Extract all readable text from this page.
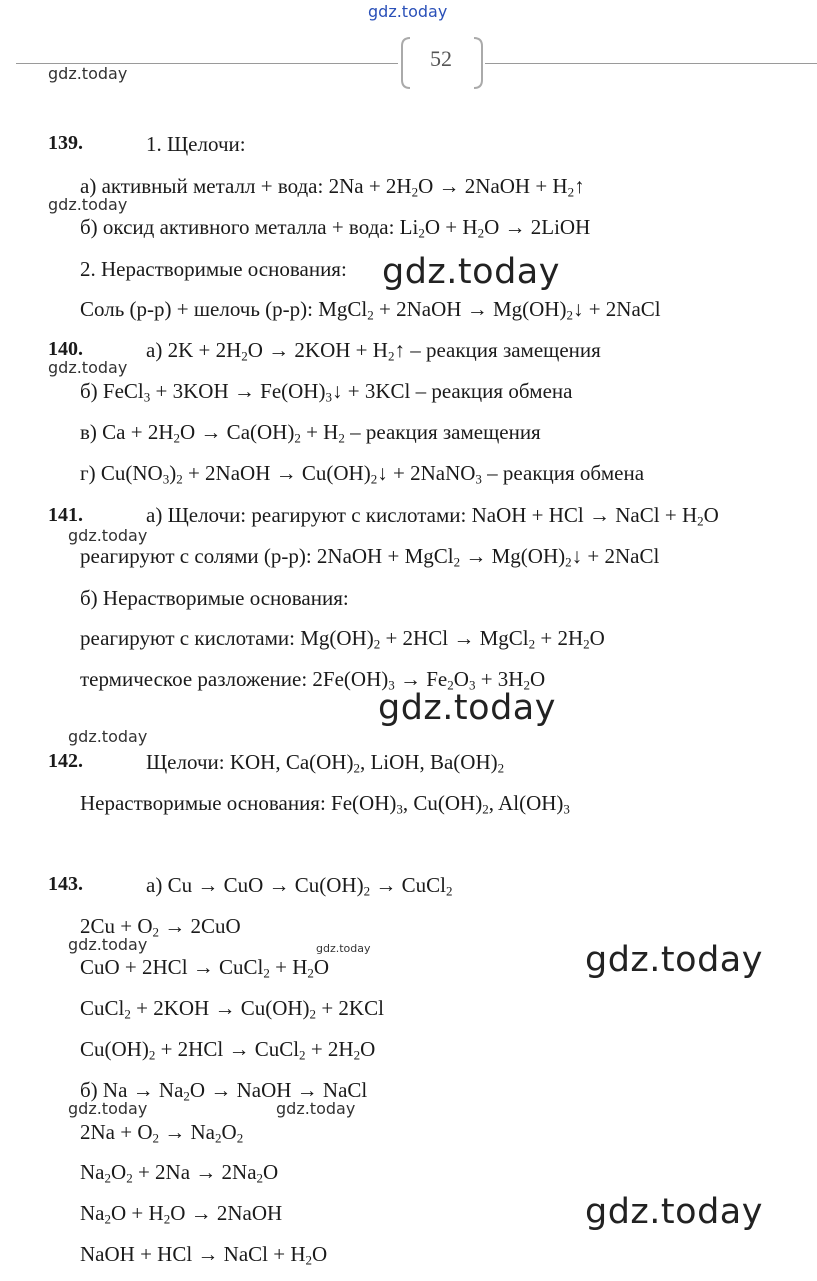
gdz.today
52
gdz.today
139.	1. Щелочи:
а) активный металл + вода: $2Na + 2H_2O$ → 2NaOH + $H_2↑$
gdz.today
б) оксид активного металла + вода: $Li_2O + H_2O$ → 2LiOH
2. Нерастворимые основания: gdz.today
Соль (р-р) + шелочь (р-р): MgCl$_2$ + 2NaOH → $Mg(OH)_2↓$ + 2NaCl
140.	а) $2K + 2H_2O \to 2KOH$ + $H_2↑$ – реакция замещения
gdz.today
б) FeCl$_3$ + $3KOH \to Fe(OH)_3↓ + 3KCl$ – реакция обмена
в) $Ca + 2H_2O \to Ca(OH)_2 + H_2$ – реакция замещения
г) $Cu(NO_3)_2$ + 2NaOH → $Cu(OH)_2↓$ + 2NaNO$_3$ – реакция обмена
141.	а) Щелочи: реагируют с кислотами: NaOH + HCl → NaCl + $H_2O$
gdz.today
реагируют с солями (р-р): 2NaOH + MgCl$_2$ → $Mg(OH)_2↓$ + 2NaCl
б) Нерастворимые основания:
реагируют с кислотами: $Mg(OH)_2 + 2HCl$ → MgCl$_2$ + $2H_2O$
термическое разложение: $2Fe(OH)_3 \to Fe_2O_3 + 3H_2O$
gdz.today
gdz.today
142.	Щелочи: KOH, $Ca(OH)_2$, LiOH, $Ba(OH)_2$
Нерастворимые основания: $Fe(OH)_3$, $Cu(OH)_2$, $Al(OH)_3$
143.	а) Cu → CuO → $Cu(OH)_2$ → CuCl$_2$
$2Cu + O_2 \to 2CuO$
gdz.today	gdz.today
CuO + 2HCl → CuCl$_2$ + $H_2O$	gdz.today
CuCl$_2$ + $2KOH \to Cu(OH)_2 + 2KCl$
$Cu(OH)_2 + 2HCl$ → CuCl$_2$ + $2H_2O$
б) $Na \to Na_2O$ → NaOH → NaCl
gdz.today	gdz.today
$2Na + O_2 \to Na_2O_2$
$Na_2O_2 + 2Na \to 2Na_2O$
$Na_2O + H_2O$ → 2NaOH	gdz.today
NaOH + HCl → NaCl + $H_2O$
